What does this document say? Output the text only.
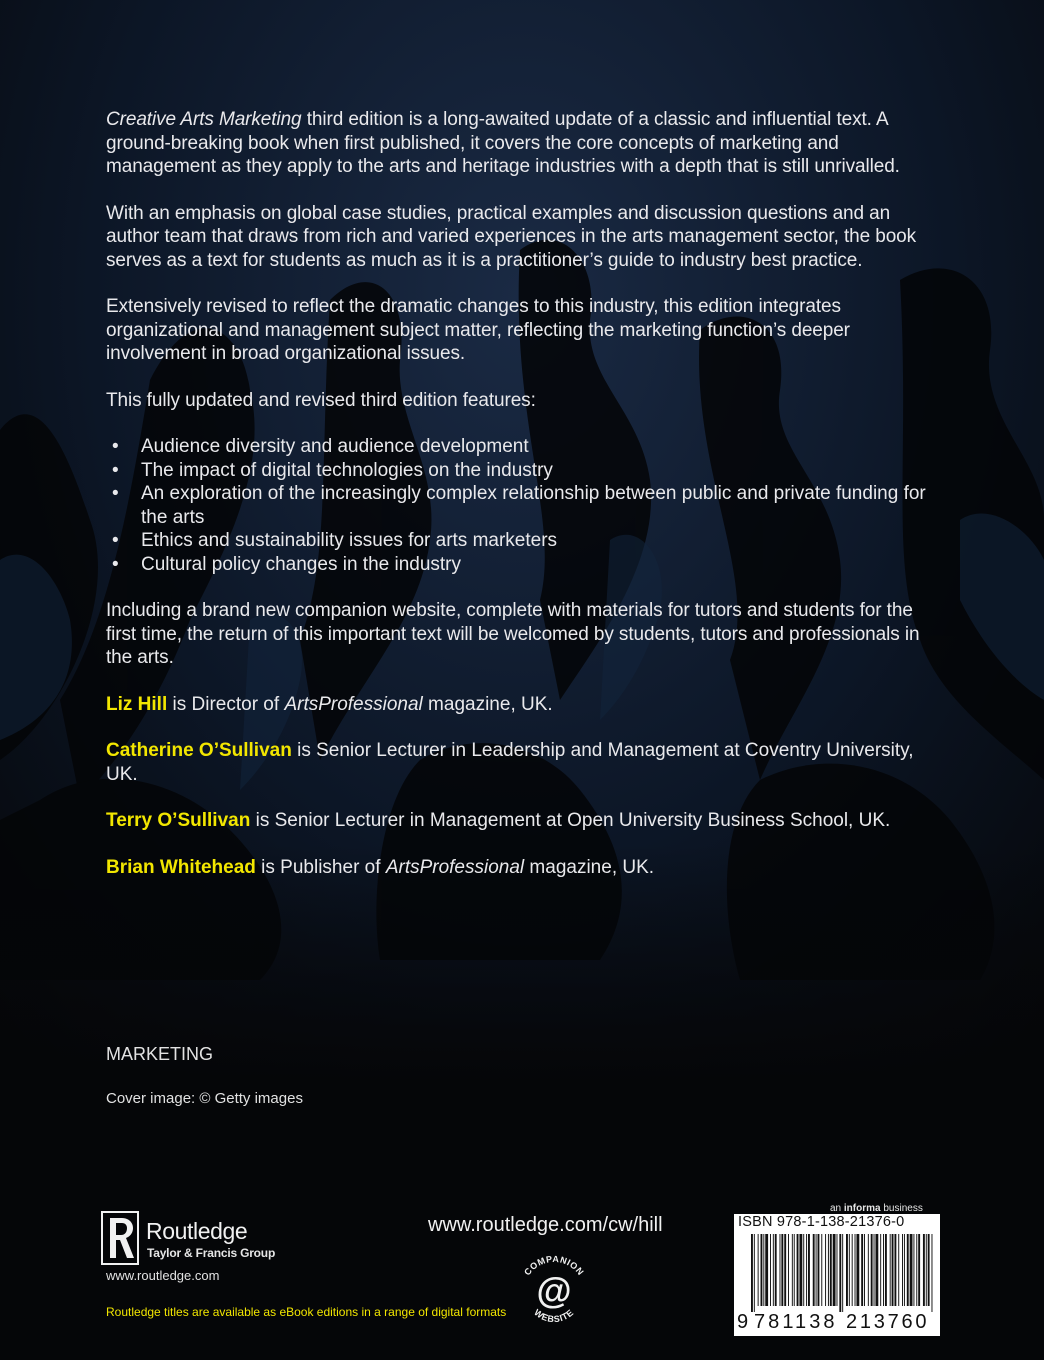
Creative Arts Marketing third edition is a long-awaited update of a classic and influential text. A ground-breaking book when first published, it covers the core concepts of marketing and management as they apply to the arts and heritage industries with a depth that is still unrivalled.

With an emphasis on global case studies, practical examples and discussion questions and an author team that draws from rich and varied experiences in the arts management sector, the book serves as a text for students as much as it is a practitioner’s guide to industry best practice.

Extensively revised to reflect the dramatic changes to this industry, this edition integrates organizational and management subject matter, reflecting the marketing function’s deeper involvement in broad organizational issues.

This fully updated and revised third edition features:

• Audience diversity and audience development
• The impact of digital technologies on the industry
• An exploration of the increasingly complex relationship between public and private funding for the arts
• Ethics and sustainability issues for arts marketers
• Cultural policy changes in the industry

Including a brand new companion website, complete with materials for tutors and students for the first time, the return of this important text will be welcomed by students, tutors and professionals in the arts.

Liz Hill is Director of ArtsProfessional magazine, UK.

Catherine O’Sullivan is Senior Lecturer in Leadership and Management at Coventry University, UK.

Terry O’Sullivan is Senior Lecturer in Management at Open University Business School, UK.

Brian Whitehead is Publisher of ArtsProfessional magazine, UK.

MARKETING
Cover image: © Getty images
Routledge
Taylor & Francis Group
www.routledge.com
Routledge titles are available as eBook editions in a range of digital formats
www.routledge.com/cw/hill
COMPANION
WEBSITE
@
an informa business
ISBN 978-1-138-21376-0
9 781138 213760
